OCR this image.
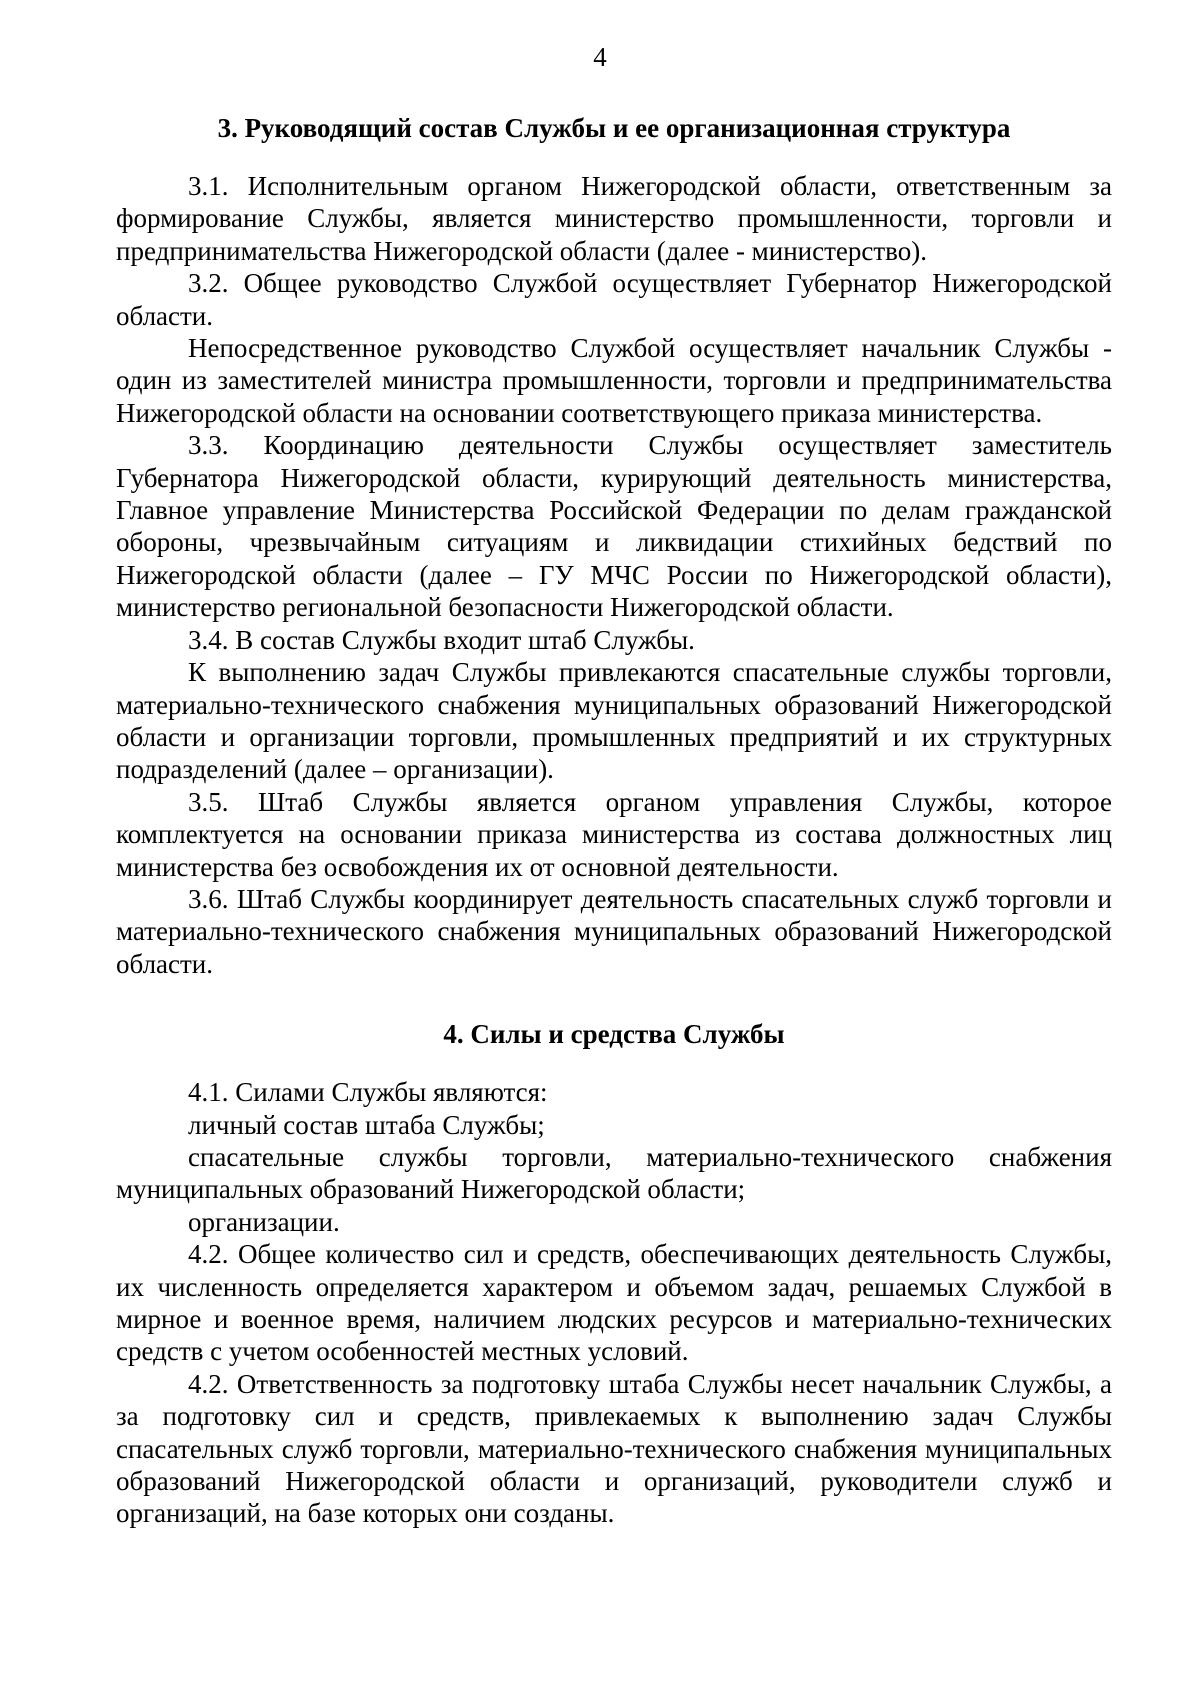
4
3. Руководящий состав Службы и ее организационная структура

3.1. Исполнительным органом Нижегородской области, ответственным за формирование Службы, является министерство промышленности, торговли и предпринимательства Нижегородской области (далее - министерство).

3.2. Общее руководство Службой осуществляет Губернатор Нижегородской области.

Непосредственное руководство Службой осуществляет начальник Службы - один из заместителей министра промышленности, торговли и предпринимательства Нижегородской области на основании соответствующего приказа министерства.

3.3. Координацию деятельности Службы осуществляет заместитель Губернатора Нижегородской области, курирующий деятельность министерства, Главное управление Министерства Российской Федерации по делам гражданской обороны, чрезвычайным ситуациям и ликвидации стихийных бедствий по Нижегородской области (далее – ГУ МЧС России по Нижегородской области), министерство региональной безопасности Нижегородской области.

3.4. В состав Службы входит штаб Службы.

К выполнению задач Службы привлекаются спасательные службы торговли, материально-технического снабжения муниципальных образований Нижегородской области и организации торговли, промышленных предприятий и их структурных подразделений (далее – организации).

3.5. Штаб Службы является органом управления Службы, которое комплектуется на основании приказа министерства из состава должностных лиц министерства без освобождения их от основной деятельности.

3.6. Штаб Службы координирует деятельность спасательных служб торговли и материально-технического снабжения муниципальных образований Нижегородской области.

4. Силы и средства Службы

4.1. Силами Службы являются:

личный состав штаба Службы;

спасательные службы торговли, материально-технического снабжения муниципальных образований Нижегородской области;

организации.

4.2. Общее количество сил и средств, обеспечивающих деятельность Службы, их численность определяется характером и объемом задач, решаемых Службой в мирное и военное время, наличием людских ресурсов и материально-технических средств с учетом особенностей местных условий.

4.2. Ответственность за подготовку штаба Службы несет начальник Службы, а за подготовку сил и средств, привлекаемых к выполнению задач Службы спасательных служб торговли, материально-технического снабжения муниципальных образований Нижегородской области и организаций, руководители служб и организаций, на базе которых они созданы.
